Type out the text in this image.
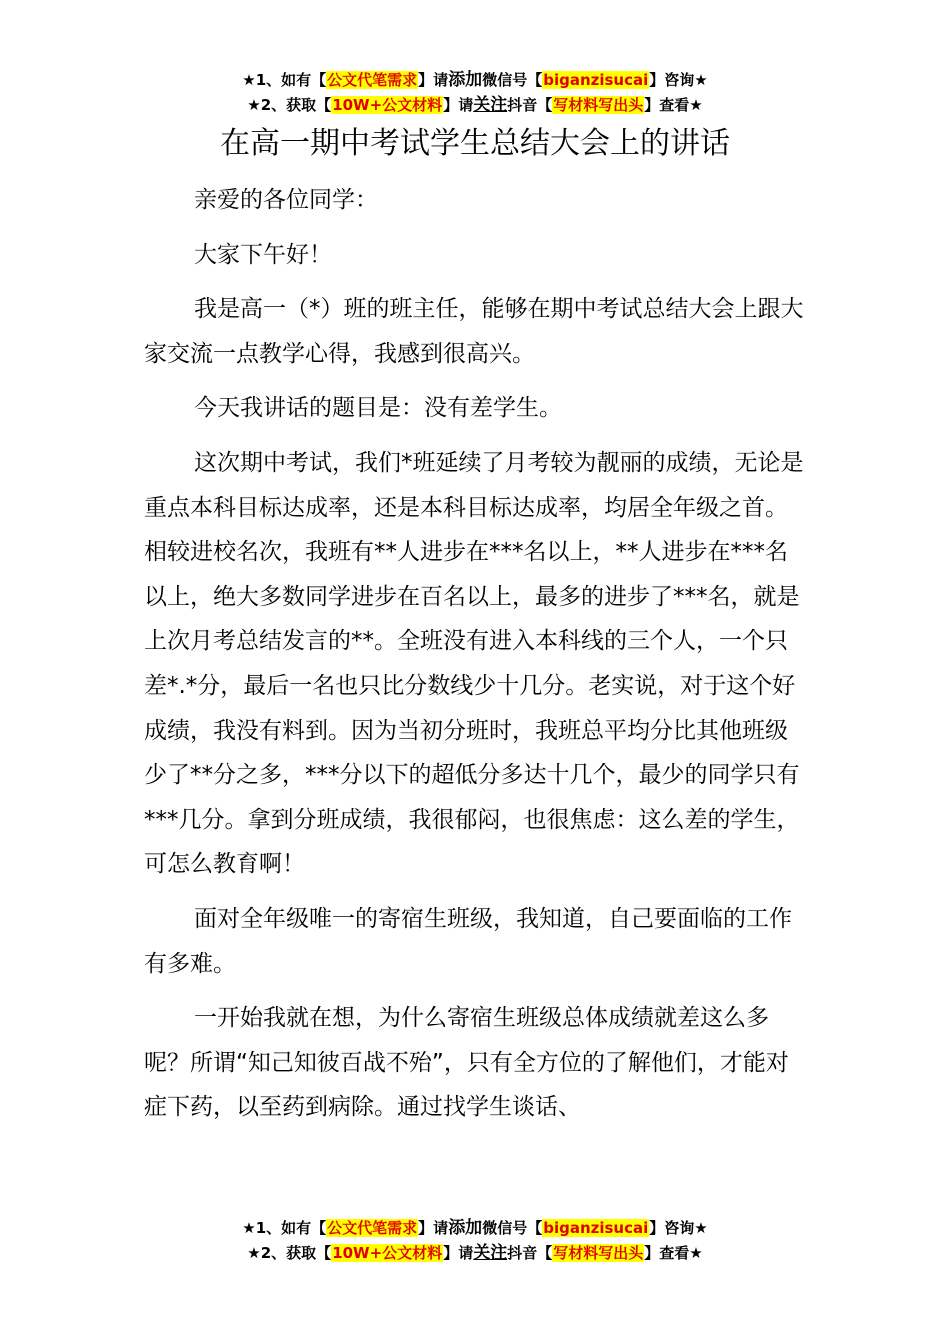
★1、如有【公文代笔需求】请添加微信号【biganzisucai】咨询★
★2、获取【10W+公文材料】请关注抖音【写材料写出头】查看★
在高一期中考试学生总结大会上的讲话

亲爱的各位同学：

大家下午好！

我是高一（*）班的班主任，能够在期中考试总结大会上跟大家交流一点教学心得，我感到很高兴。

今天我讲话的题目是：没有差学生。

这次期中考试，我们*班延续了月考较为靓丽的成绩，无论是重点本科目标达成率，还是本科目标达成率，均居全年级之首。相较进校名次，我班有**人进步在***名以上，**人进步在***名以上，绝大多数同学进步在百名以上，最多的进步了***名，就是上次月考总结发言的**。全班没有进入本科线的三个人，一个只差*.*分，最后一名也只比分数线少十几分。老实说，对于这个好成绩，我没有料到。因为当初分班时，我班总平均分比其他班级少了**分之多，***分以下的超低分多达十几个，最少的同学只有***几分。拿到分班成绩，我很郁闷，也很焦虑：这么差的学生，可怎么教育啊！

面对全年级唯一的寄宿生班级，我知道，自己要面临的工作有多难。

一开始我就在想，为什么寄宿生班级总体成绩就差这么多呢？所谓“知己知彼百战不殆”，只有全方位的了解他们，才能对症下药，以至药到病除。通过找学生谈话、

★1、如有【公文代笔需求】请添加微信号【biganzisucai】咨询★
★2、获取【10W+公文材料】请关注抖音【写材料写出头】查看★
